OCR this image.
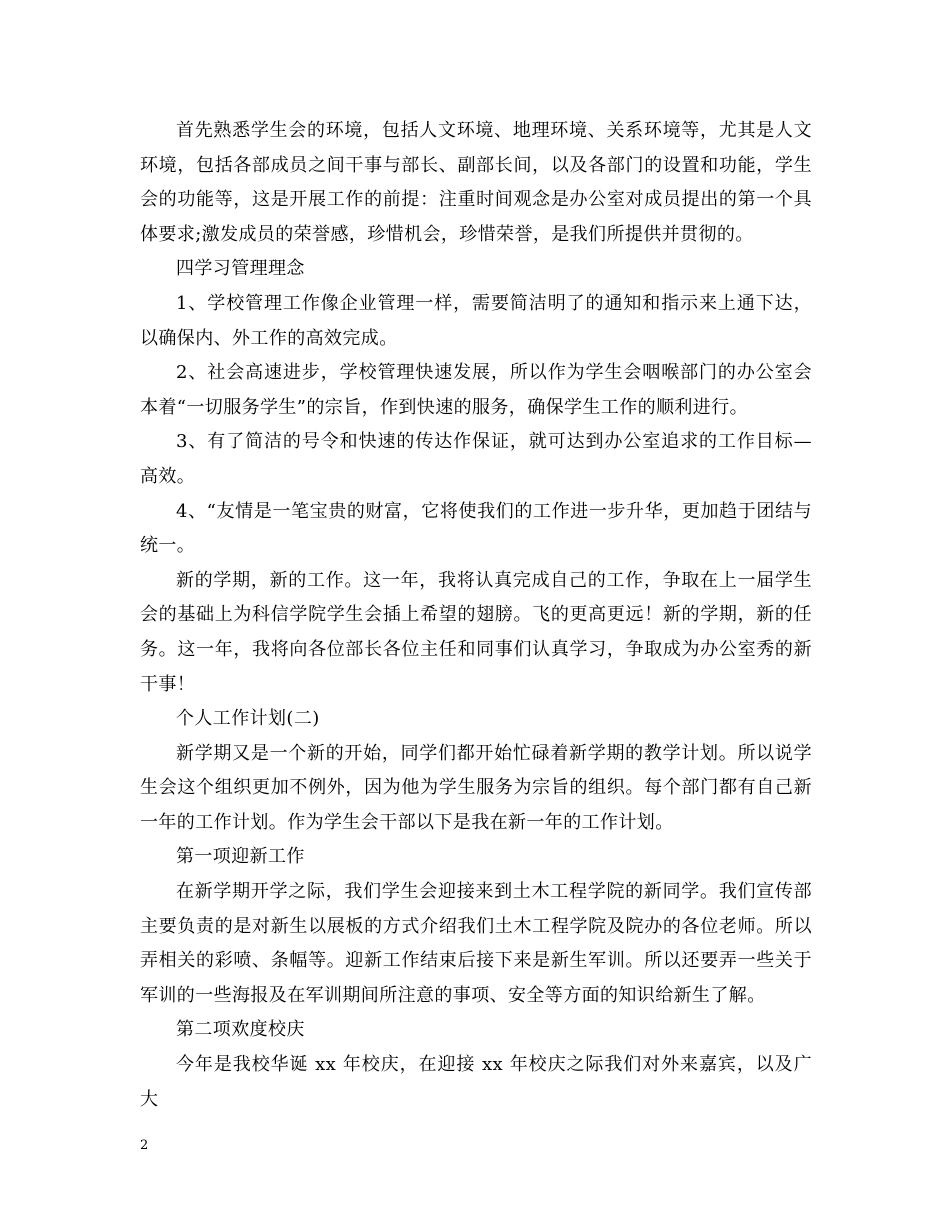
首先熟悉学生会的环境，包括人文环境、地理环境、关系环境等，尤其是人文环境，包括各部成员之间干事与部长、副部长间，以及各部门的设置和功能，学生会的功能等，这是开展工作的前提：注重时间观念是办公室对成员提出的第一个具体要求;激发成员的荣誉感，珍惜机会，珍惜荣誉，是我们所提供并贯彻的。

四学习管理理念

1、学校管理工作像企业管理一样，需要简洁明了的通知和指示来上通下达，以确保内、外工作的高效完成。

2、社会高速进步，学校管理快速发展，所以作为学生会咽喉部门的办公室会本着“一切服务学生”的宗旨，作到快速的服务，确保学生工作的顺利进行。

3、有了简洁的号令和快速的传达作保证，就可达到办公室追求的工作目标—高效。

4、“友情是一笔宝贵的财富，它将使我们的工作进一步升华，更加趋于团结与统一。

新的学期，新的工作。这一年，我将认真完成自己的工作，争取在上一届学生会的基础上为科信学院学生会插上希望的翅膀。飞的更高更远！新的学期，新的任务。这一年，我将向各位部长各位主任和同事们认真学习，争取成为办公室秀的新干事！

个人工作计划(二)

新学期又是一个新的开始，同学们都开始忙碌着新学期的教学计划。所以说学生会这个组织更加不例外，因为他为学生服务为宗旨的组织。每个部门都有自己新一年的工作计划。作为学生会干部以下是我在新一年的工作计划。

第一项迎新工作

在新学期开学之际，我们学生会迎接来到土木工程学院的新同学。我们宣传部主要负责的是对新生以展板的方式介绍我们土木工程学院及院办的各位老师。所以弄相关的彩喷、条幅等。迎新工作结束后接下来是新生军训。所以还要弄一些关于军训的一些海报及在军训期间所注意的事项、安全等方面的知识给新生了解。

第二项欢度校庆

今年是我校华诞 xx 年校庆，在迎接 xx 年校庆之际我们对外来嘉宾，以及广大

2
